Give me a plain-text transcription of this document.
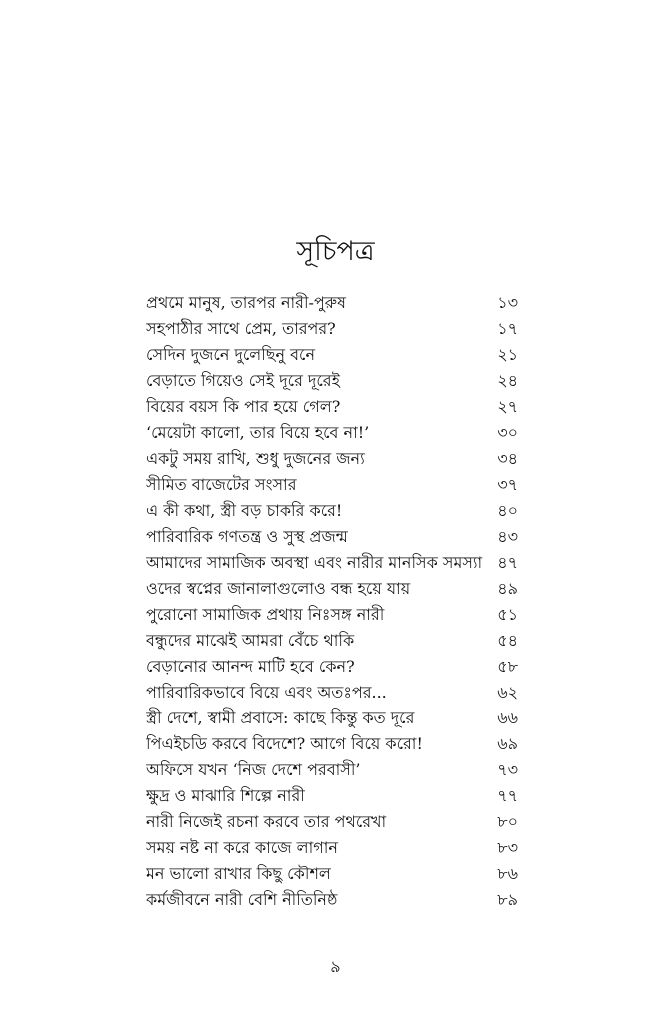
সূচিপত্র
প্রথমে মানুষ, তারপর নারী-পুরুষ	১৩
সহপাঠীর সাথে প্রেম, তারপর?	১৭
সেদিন দুজনে দুলেছিনু বনে	২১
বেড়াতে গিয়েও সেই দূরে দূরেই	২৪
বিয়ের বয়স কি পার হয়ে গেল?	২৭
‘মেয়েটা কালো, তার বিয়ে হবে না!’	৩০
একটু সময় রাখি, শুধু দুজনের জন্য	৩৪
সীমিত বাজেটের সংসার	৩৭
এ কী কথা, স্ত্রী বড় চাকরি করে!	৪০
পারিবারিক গণতন্ত্র ও সুস্থ প্রজন্ম	৪৩
আমাদের সামাজিক অবস্থা এবং নারীর মানসিক সমস্যা ৪৭
ওদের স্বপ্নের জানালাগুলোও বন্ধ হয়ে যায়	৪৯
পুরোনো সামাজিক প্রথায় নিঃসঙ্গ নারী	৫১
বন্ধুদের মাঝেই আমরা বেঁচে থাকি	৫৪
বেড়ানোর আনন্দ মাটি হবে কেন?	৫৮
পারিবারিকভাবে বিয়ে এবং অতঃপর...	৬২
স্ত্রী দেশে, স্বামী প্রবাসে: কাছে কিন্তু কত দূরে	৬৬
পিএইচডি করবে বিদেশে? আগে বিয়ে করো!	৬৯
অফিসে যখন ‘নিজ দেশে পরবাসী’	৭৩
ক্ষুদ্র ও মাঝারি শিল্পে নারী	৭৭
নারী নিজেই রচনা করবে তার পথরেখা	৮০
সময় নষ্ট না করে কাজে লাগান	৮৩
মন ভালো রাখার কিছু কৌশল	৮৬
কর্মজীবনে নারী বেশি নীতিনিষ্ঠ	৮৯
৯
